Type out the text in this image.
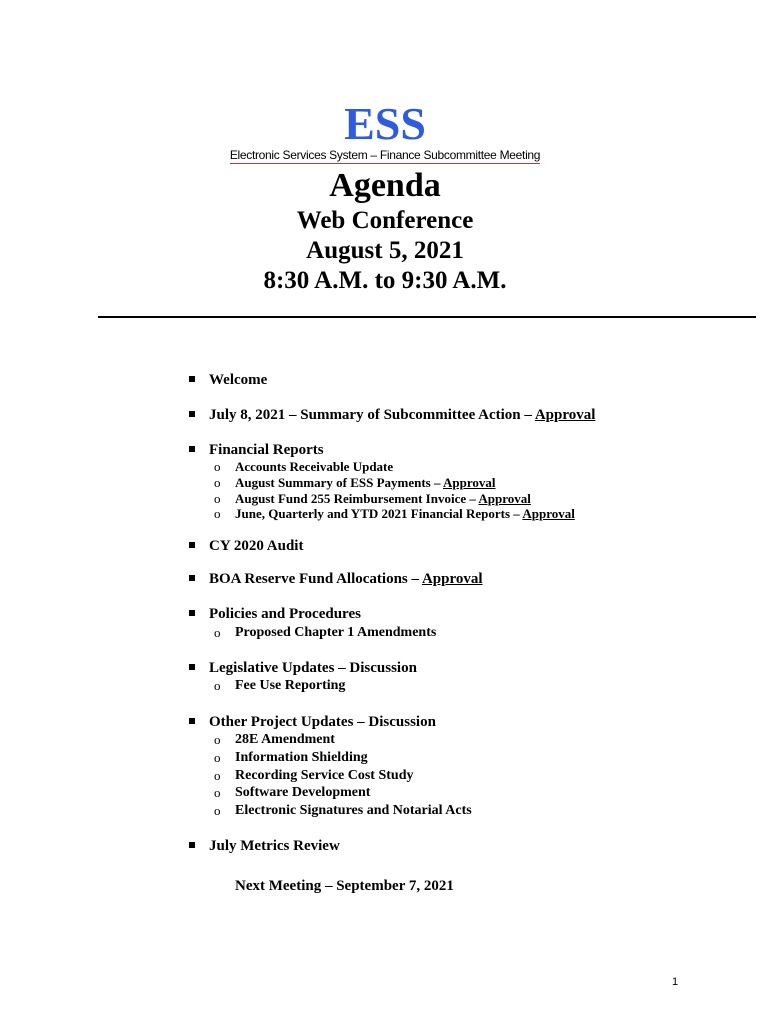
ESS
Electronic Services System – Finance Subcommittee Meeting
Agenda
Web Conference
August 5, 2021
8:30 A.M. to 9:30 A.M.
Welcome
July 8, 2021 – Summary of Subcommittee Action – Approval
Financial Reports
o Accounts Receivable Update
o August Summary of ESS Payments – Approval
o August Fund 255 Reimbursement Invoice – Approval
o June, Quarterly and YTD 2021 Financial Reports – Approval
CY 2020 Audit
BOA Reserve Fund Allocations – Approval
Policies and Procedures
o Proposed Chapter 1 Amendments
Legislative Updates – Discussion
o Fee Use Reporting
Other Project Updates – Discussion
o 28E Amendment
o Information Shielding
o Recording Service Cost Study
o Software Development
o Electronic Signatures and Notarial Acts
July Metrics Review
Next Meeting – September 7, 2021
1
